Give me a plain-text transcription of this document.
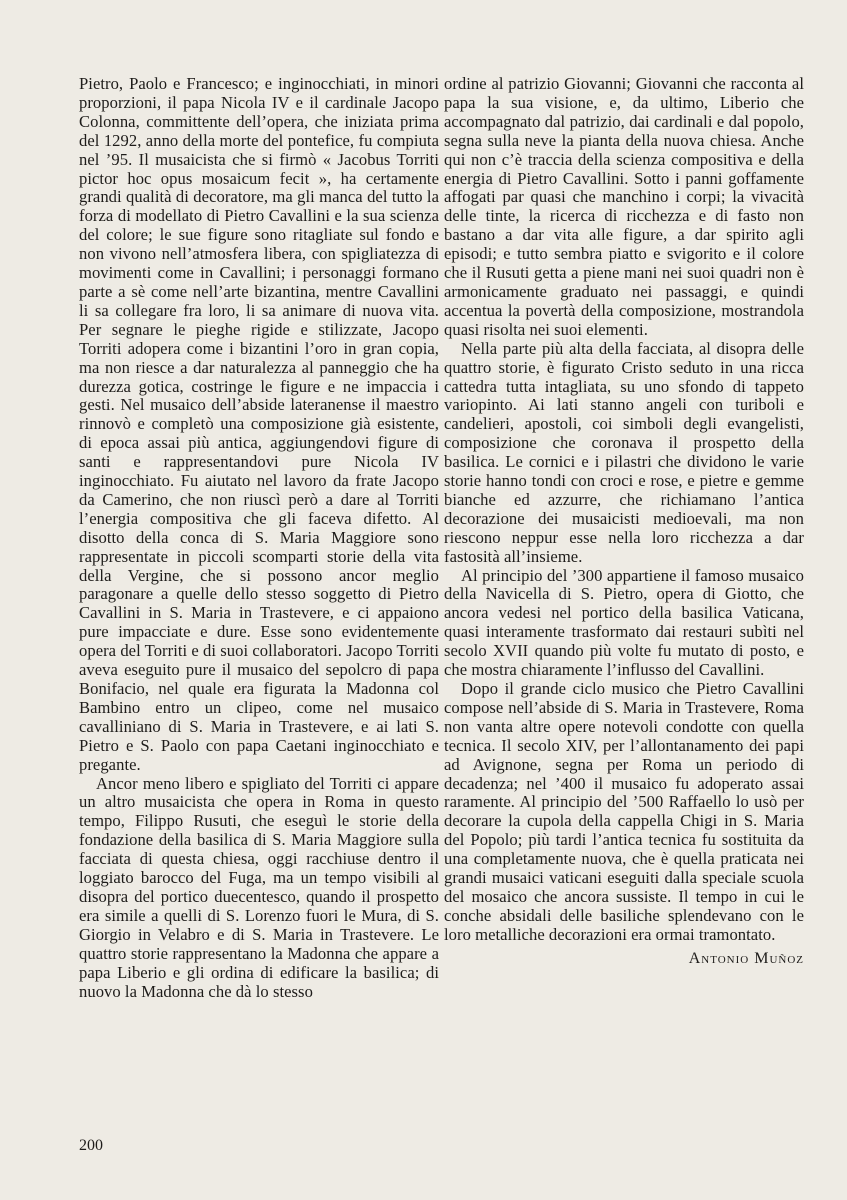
Pietro, Paolo e Francesco; e inginocchiati, in minori proporzioni, il papa Nicola IV e il cardinale Jacopo Colonna, committente dell’opera, che iniziata prima del 1292, anno della morte del pontefice, fu compiuta nel ’95. Il musaicista che si firmò « Jacobus Torriti pictor hoc opus mosaicum fecit », ha certamente grandi qualità di decoratore, ma gli manca del tutto la forza di modellato di Pietro Cavallini e la sua scienza del colore; le sue figure sono ritagliate sul fondo e non vivono nell’atmosfera libera, con spigliatezza di movimenti come in Cavallini; i personaggi formano parte a sè come nell’arte bizantina, mentre Cavallini li sa collegare fra loro, li sa animare di nuova vita. Per segnare le pieghe rigide e stilizzate, Jacopo Torriti adopera come i bizantini l’oro in gran copia, ma non riesce a dar naturalezza al panneggio che ha durezza gotica, costringe le figure e ne impaccia i gesti. Nel musaico dell’abside lateranense il maestro rinnovò e completò una composizione già esistente, di epoca assai più antica, aggiungendovi figure di santi e rappresentandovi pure Nicola IV inginocchiato. Fu aiutato nel lavoro da frate Jacopo da Camerino, che non riuscì però a dare al Torriti l’energia compositiva che gli faceva difetto. Al disotto della conca di S. Maria Maggiore sono rappresentate in piccoli scomparti storie della vita della Vergine, che si possono ancor meglio paragonare a quelle dello stesso soggetto di Pietro Cavallini in S. Maria in Trastevere, e ci appaiono pure impacciate e dure. Esse sono evidentemente opera del Torriti e di suoi collaboratori. Jacopo Torriti aveva eseguito pure il musaico del sepolcro di papa Bonifacio, nel quale era figurata la Madonna col Bambino entro un clipeo, come nel musaico cavalliniano di S. Maria in Trastevere, e ai lati S. Pietro e S. Paolo con papa Caetani inginocchiato e pregante.

Ancor meno libero e spigliato del Torriti ci appare un altro musaicista che opera in Roma in questo tempo, Filippo Rusuti, che eseguì le storie della fondazione della basilica di S. Maria Maggiore sulla facciata di questa chiesa, oggi racchiuse dentro il loggiato barocco del Fuga, ma un tempo visibili al disopra del portico duecentesco, quando il prospetto era simile a quelli di S. Lorenzo fuori le Mura, di S. Giorgio in Velabro e di S. Maria in Trastevere. Le quattro storie rappresentano la Madonna che appare a papa Liberio e gli ordina di edificare la basilica; di nuovo la Madonna che dà lo stesso

ordine al patrizio Giovanni; Giovanni che racconta al papa la sua visione, e, da ultimo, Liberio che accompagnato dal patrizio, dai cardinali e dal popolo, segna sulla neve la pianta della nuova chiesa. Anche qui non c’è traccia della scienza compositiva e della energia di Pietro Cavallini. Sotto i panni goffamente affogati par quasi che manchino i corpi; la vivacità delle tinte, la ricerca di ricchezza e di fasto non bastano a dar vita alle figure, a dar spirito agli episodi; e tutto sembra piatto e svigorito e il colore che il Rusuti getta a piene mani nei suoi quadri non è armonicamente graduato nei passaggi, e quindi accentua la povertà della composizione, mostrandola quasi risolta nei suoi elementi.

Nella parte più alta della facciata, al disopra delle quattro storie, è figurato Cristo seduto in una ricca cattedra tutta intagliata, su uno sfondo di tappeto variopinto. Ai lati stanno angeli con turiboli e candelieri, apostoli, coi simboli degli evangelisti, composizione che coronava il prospetto della basilica. Le cornici e i pilastri che dividono le varie storie hanno tondi con croci e rose, e pietre e gemme bianche ed azzurre, che richiamano l’antica decorazione dei musaicisti medioevali, ma non riescono neppur esse nella loro ricchezza a dar fastosità all’insieme.

Al principio del ’300 appartiene il famoso musaico della Navicella di S. Pietro, opera di Giotto, che ancora vedesi nel portico della basilica Vaticana, quasi interamente trasformato dai restauri subìti nel secolo XVII quando più volte fu mutato di posto, e che mostra chiaramente l’influsso del Cavallini.

Dopo il grande ciclo musico che Pietro Cavallini compose nell’abside di S. Maria in Trastevere, Roma non vanta altre opere notevoli condotte con quella tecnica. Il secolo XIV, per l’allontanamento dei papi ad Avignone, segna per Roma un periodo di decadenza; nel ’400 il musaico fu adoperato assai raramente. Al principio del ’500 Raffaello lo usò per decorare la cupola della cappella Chigi in S. Maria del Popolo; più tardi l’antica tecnica fu sostituita da una completamente nuova, che è quella praticata nei grandi musaici vaticani eseguiti dalla speciale scuola del mosaico che ancora sussiste. Il tempo in cui le conche absidali delle basiliche splendevano con le loro metalliche decorazioni era ormai tramontato.

Antonio Muñoz
200
